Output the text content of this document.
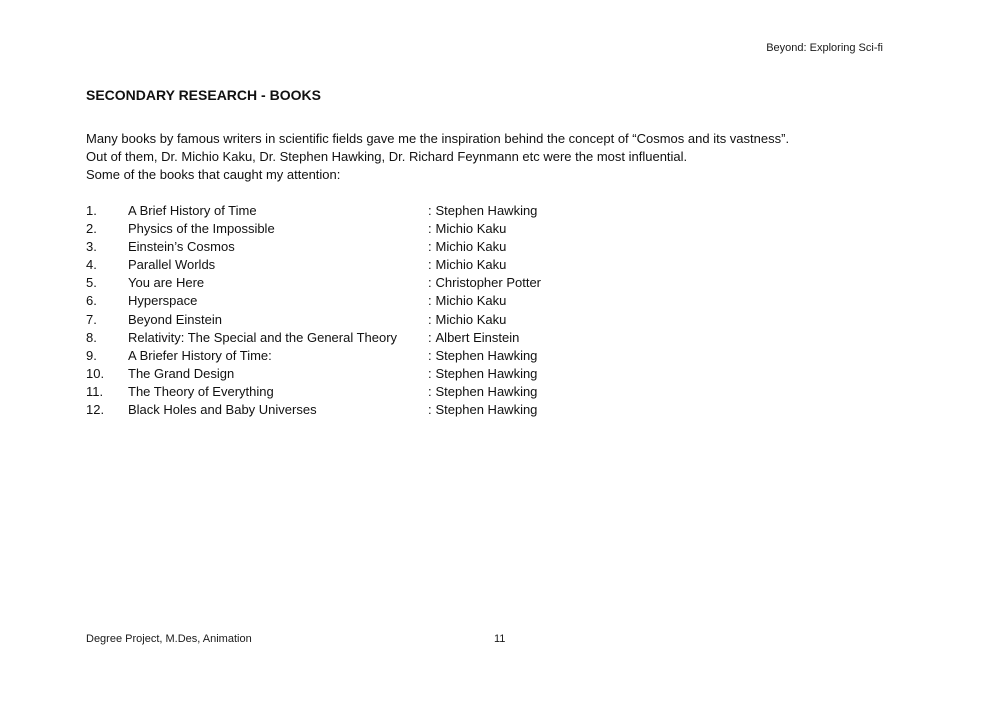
Beyond: Exploring Sci-fi
SECONDARY RESEARCH - BOOKS
Many books by famous writers in scientific fields gave me the inspiration behind the concept of “Cosmos and its vastness”.
Out of them, Dr. Michio Kaku, Dr. Stephen Hawking, Dr. Richard Feynmann etc were the most influential.
Some of the books that caught my attention:
1.	A Brief History of Time	: Stephen Hawking
2.	Physics of the Impossible	: Michio Kaku
3.	Einstein’s Cosmos	: Michio Kaku
4.	Parallel Worlds	: Michio Kaku
5.	You are Here	: Christopher Potter
6.	Hyperspace	: Michio Kaku
7.	Beyond Einstein	: Michio Kaku
8.	Relativity: The Special and the General Theory	: Albert Einstein
9.	A Briefer History of Time:	: Stephen Hawking
10.	The Grand Design	: Stephen Hawking
11.	The Theory of Everything	: Stephen Hawking
12.	Black Holes and Baby Universes	: Stephen Hawking
Degree Project, M.Des, Animation	11
